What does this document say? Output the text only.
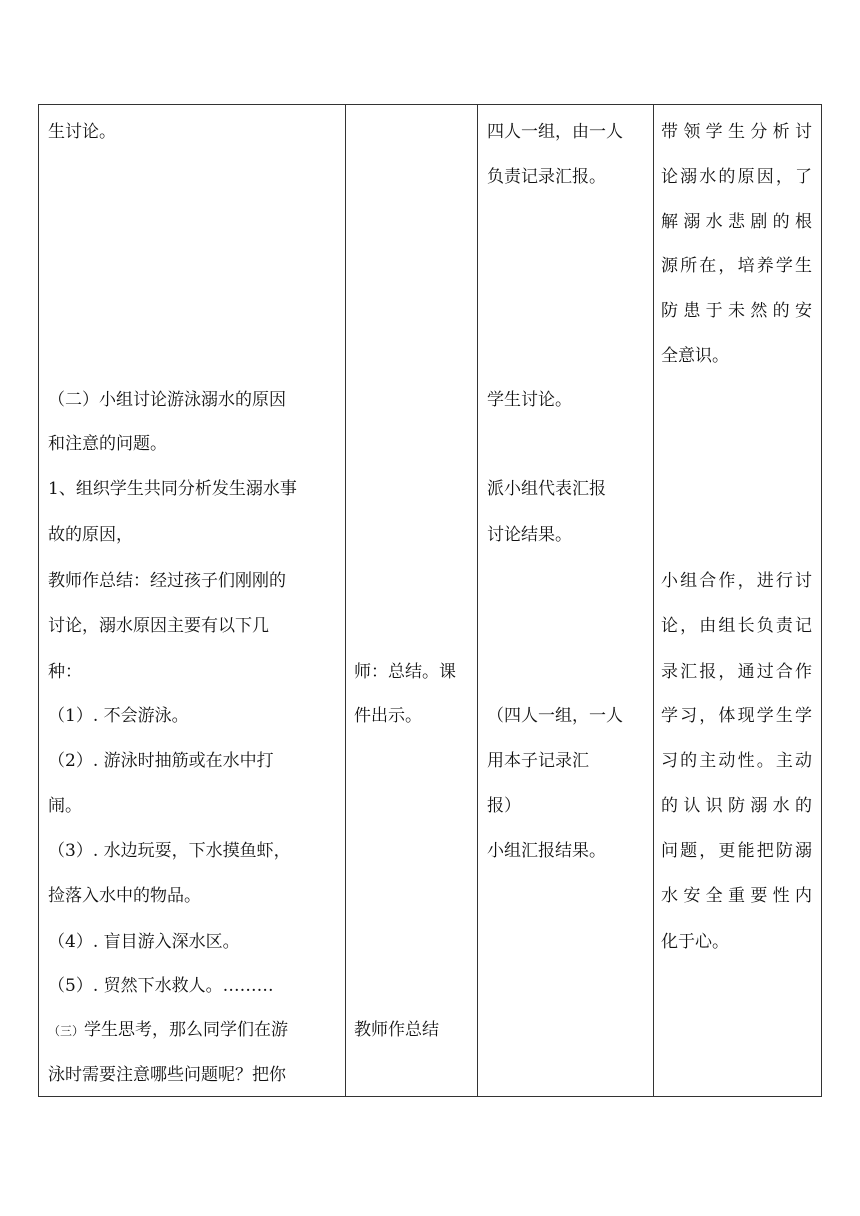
生讨论。
（二）小组讨论游泳溺水的原因
和注意的问题。
1、组织学生共同分析发生溺水事
故的原因，
教师作总结：经过孩子们刚刚的
讨论，溺水原因主要有以下几
种：
（1）. 不会游泳。
（2）. 游泳时抽筋或在水中打
闹。
（3）. 水边玩耍，下水摸鱼虾，
捡落入水中的物品。
（4）. 盲目游入深水区。
（5）. 贸然下水救人。………
（三）学生思考，那么同学们在游
泳时需要注意哪些问题呢？把你
师：总结。课
件出示。
教师作总结
四人一组，由一人
负责记录汇报。
学生讨论。
派小组代表汇报
讨论结果。
（四人一组，一人
用本子记录汇
报）
小组汇报结果。
带领学生分析讨
论溺水的原因，了
解溺水悲剧的根
源所在，培养学生
防患于未然的安
全意识。
小组合作，进行讨
论，由组长负责记
录汇报，通过合作
学习，体现学生学
习的主动性。主动
的认识防溺水的
问题，更能把防溺
水安全重要性内
化于心。
